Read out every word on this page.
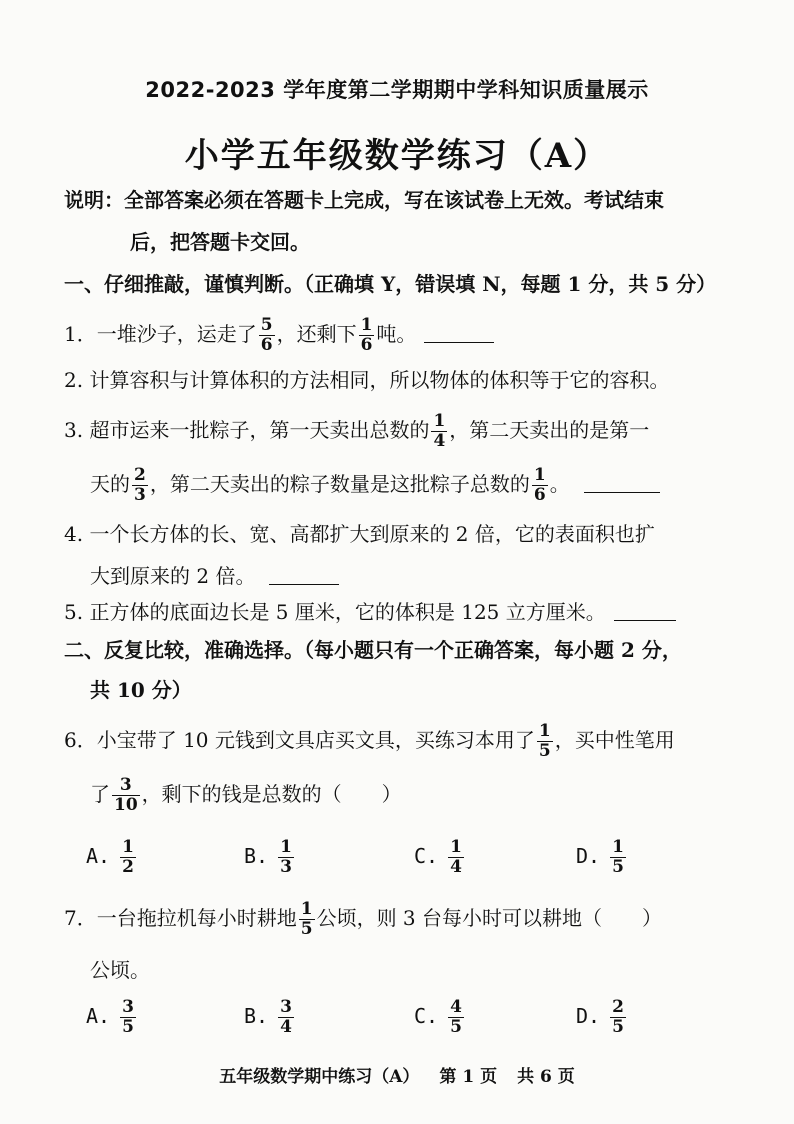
2022-2023 学年度第二学期期中学科知识质量展示
小学五年级数学练习（A）
说明：全部答案必须在答题卡上完成，写在该试卷上无效。考试结束
后，把答题卡交回。
一、仔细推敲，谨慎判断。（正确填 Y，错误填 N，每题 1 分，共 5 分）
1．一堆沙子，运走了 $\frac{5}{6}$ ，还剩下 $\frac{1}{6}$ 吨。
2. 计算容积与计算体积的方法相同，所以物体的体积等于它的容积。
3. 超市运来一批粽子，第一天卖出总数的 $\frac{1}{4}$ ，第二天卖出的是第一
天的 $\frac{2}{3}$ ，第二天卖出的粽子数量是这批粽子总数的 $\frac{1}{6}$ 。
4. 一个长方体的长、宽、高都扩大到原来的 2 倍，它的表面积也扩
大到原来的 2 倍。
5. 正方体的底面边长是 5 厘米，它的体积是 125 立方厘米。
二、反复比较，准确选择。（每小题只有一个正确答案，每小题 2 分，
共 10 分）
6．小宝带了 10 元钱到文具店买文具，买练习本用了 $\frac{1}{5}$ ，买中性笔用
了 $\frac{3}{10}$ ，剩下的钱是总数的（　　）
A. $\frac{1}{2}$	B. $\frac{1}{3}$	C. $\frac{1}{4}$	D. $\frac{1}{5}$
7．一台拖拉机每小时耕地 $\frac{1}{5}$ 公顷，则 3 台每小时可以耕地（　　）
公顷。
A. $\frac{3}{5}$	B. $\frac{3}{4}$	C. $\frac{4}{5}$	D. $\frac{2}{5}$
五年级数学期中练习（A） 第 1 页 共 6 页
